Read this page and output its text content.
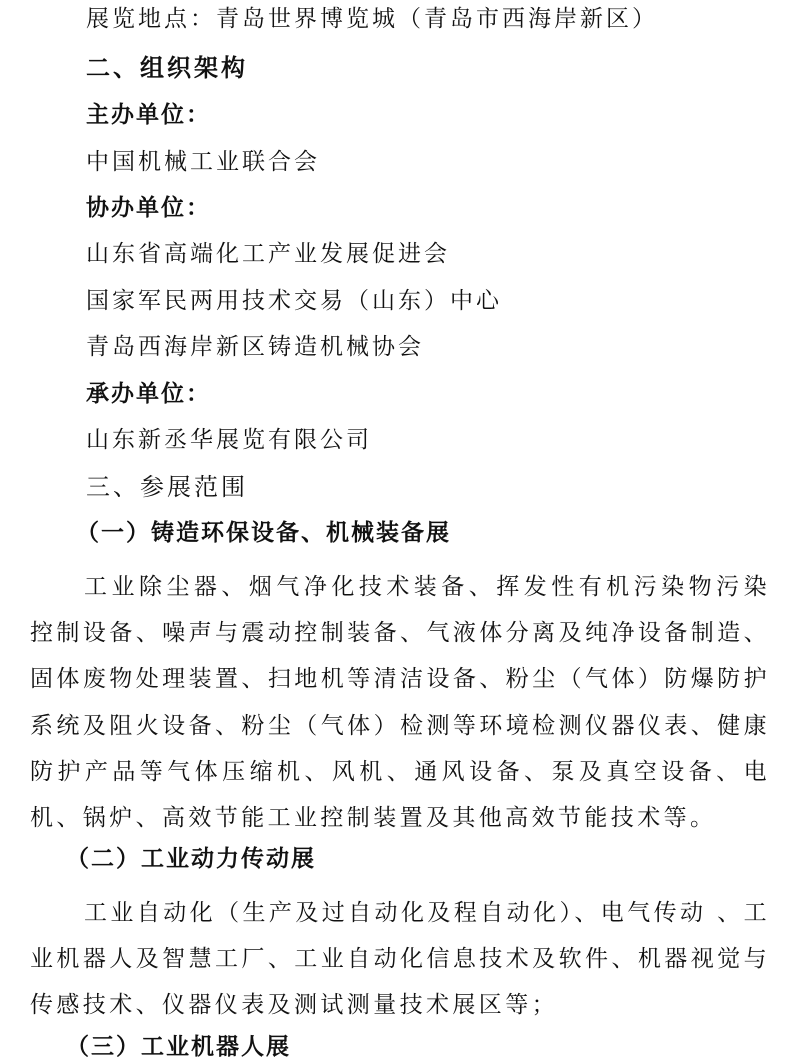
展览地点：青岛世界博览城（青岛市西海岸新区）
二、组织架构
主办单位：
中国机械工业联合会
协办单位：
山东省高端化工产业发展促进会
国家军民两用技术交易（山东）中心
青岛西海岸新区铸造机械协会
承办单位：
山东新丞华展览有限公司
三、参展范围
（一）铸造环保设备、机械装备展

工业除尘器、烟气净化技术装备、挥发性有机污染物污染控制设备、噪声与震动控制装备、气液体分离及纯净设备制造、固体废物处理装置、扫地机等清洁设备、粉尘（气体）防爆防护系统及阻火设备、粉尘（气体）检测等环境检测仪器仪表、健康防护产品等气体压缩机、风机、通风设备、泵及真空设备、电机、锅炉、高效节能工业控制装置及其他高效节能技术等。

（二）工业动力传动展

工业自动化（生产及过自动化及程自动化）、电气传动 、工业机器人及智慧工厂、工业自动化信息技术及软件、机器视觉与传感技术、仪器仪表及测试测量技术展区等；

（三）工业机器人展
